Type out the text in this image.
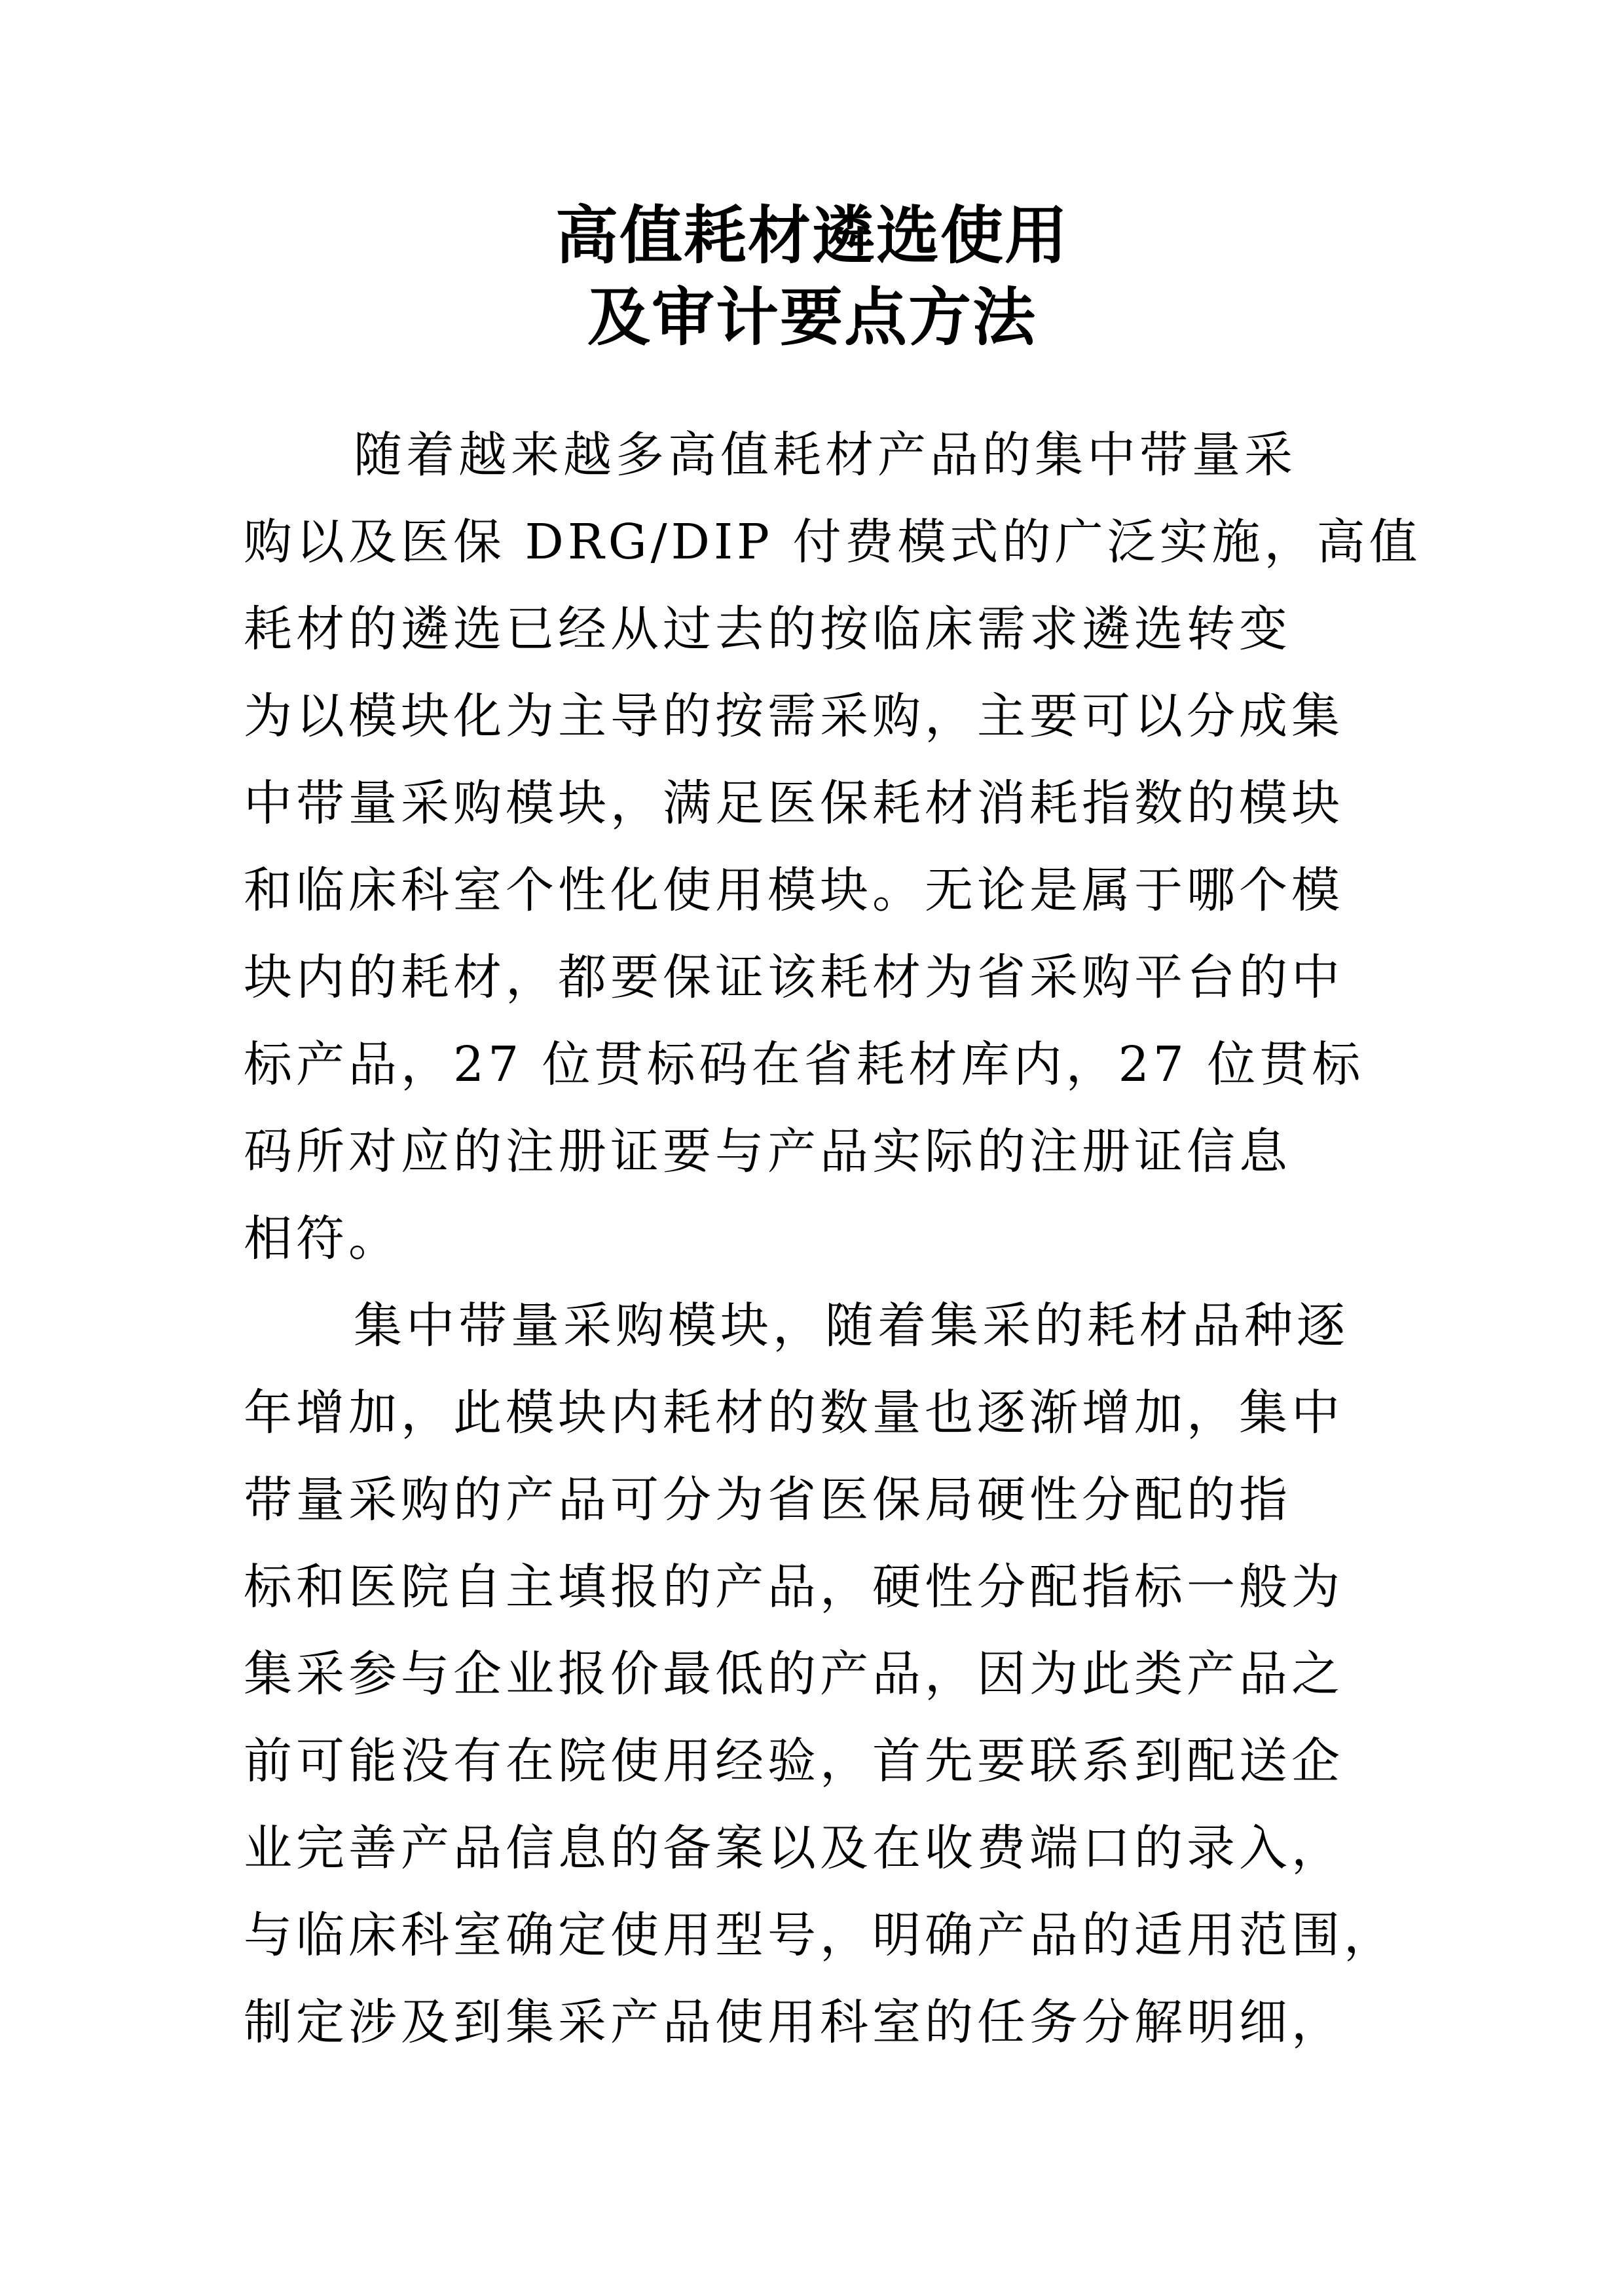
高值耗材遴选使用
及审计要点方法
随着越来越多高值耗材产品的集中带量采
购以及医保 DRG/DIP 付费模式的广泛实施，高值
耗材的遴选已经从过去的按临床需求遴选转变
为以模块化为主导的按需采购，主要可以分成集
中带量采购模块，满足医保耗材消耗指数的模块
和临床科室个性化使用模块。无论是属于哪个模
块内的耗材，都要保证该耗材为省采购平台的中
标产品，27 位贯标码在省耗材库内，27 位贯标
码所对应的注册证要与产品实际的注册证信息
相符。
集中带量采购模块，随着集采的耗材品种逐
年增加，此模块内耗材的数量也逐渐增加，集中
带量采购的产品可分为省医保局硬性分配的指
标和医院自主填报的产品，硬性分配指标一般为
集采参与企业报价最低的产品，因为此类产品之
前可能没有在院使用经验，首先要联系到配送企
业完善产品信息的备案以及在收费端口的录入，
与临床科室确定使用型号，明确产品的适用范围，
制定涉及到集采产品使用科室的任务分解明细，
